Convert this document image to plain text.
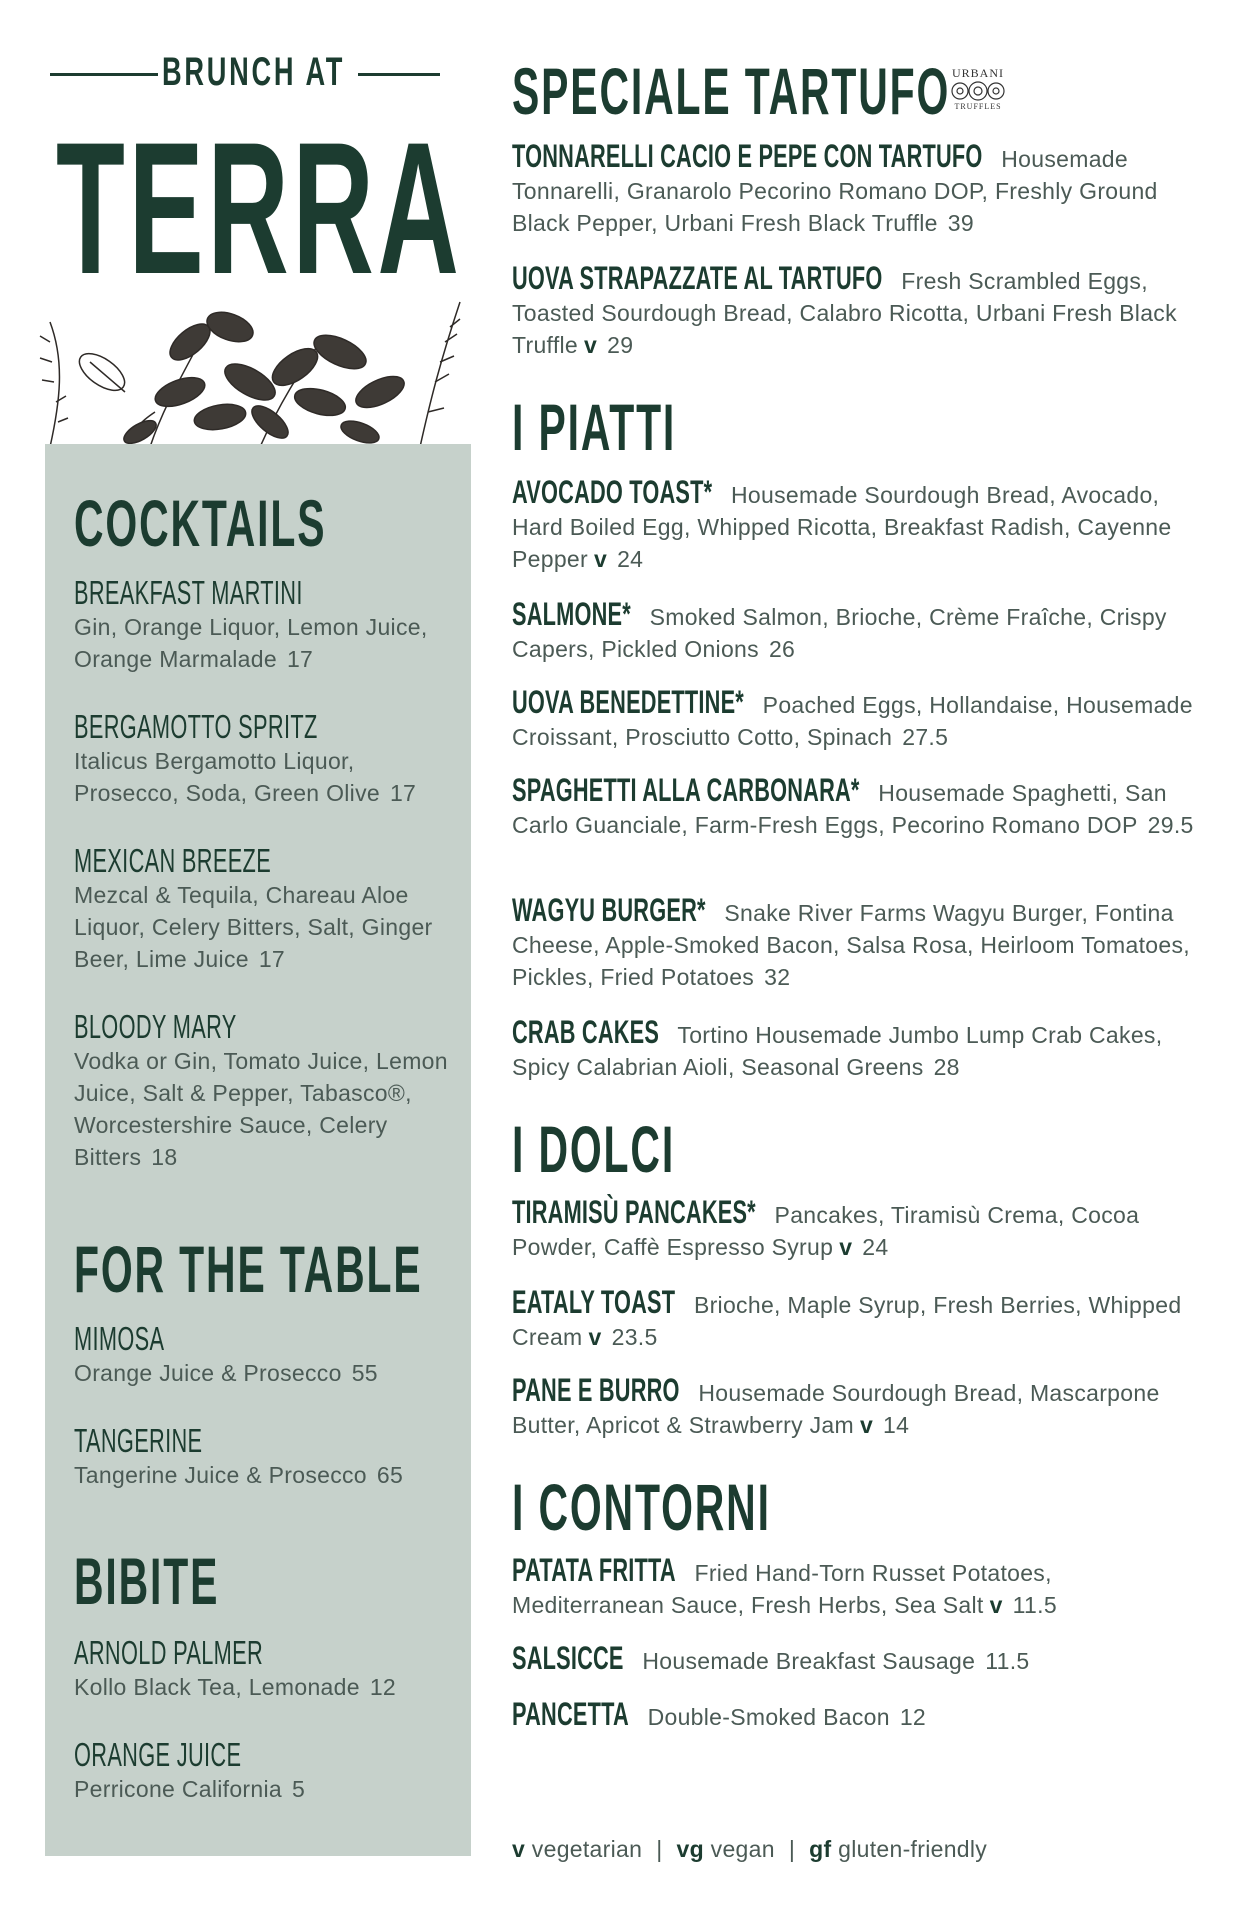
BRUNCH AT
TERRA
COCKTAILS
BREAKFAST MARTINI
Gin, Orange Liquor, Lemon Juice, Orange Marmalade 17
BERGAMOTTO SPRITZ
Italicus Bergamotto Liquor, Prosecco, Soda, Green Olive 17
MEXICAN BREEZE
Mezcal & Tequila, Chareau Aloe Liquor, Celery Bitters, Salt, Ginger Beer, Lime Juice 17
BLOODY MARY
Vodka or Gin, Tomato Juice, Lemon Juice, Salt & Pepper, Tabasco®, Worcestershire Sauce, Celery Bitters 18
FOR THE TABLE
MIMOSA
Orange Juice & Prosecco 55
TANGERINE
Tangerine Juice & Prosecco 65
BIBITE
ARNOLD PALMER
Kollo Black Tea, Lemonade 12
ORANGE JUICE
Perricone California 5
URBANI
TRUFFLES
SPECIALE TARTUFO
TONNARELLI CACIO E PEPE CON TARTUFO Housemade Tonnarelli, Granarolo Pecorino Romano DOP, Freshly Ground Black Pepper, Urbani Fresh Black Truffle 39
UOVA STRAPAZZATE AL TARTUFO Fresh Scrambled Eggs, Toasted Sourdough Bread, Calabro Ricotta, Urbani Fresh Black Truffle v 29
I PIATTI
AVOCADO TOAST* Housemade Sourdough Bread, Avocado, Hard Boiled Egg, Whipped Ricotta, Breakfast Radish, Cayenne Pepper v 24
SALMONE* Smoked Salmon, Brioche, Crème Fraîche, Crispy Capers, Pickled Onions 26
UOVA BENEDETTINE* Poached Eggs, Hollandaise, Housemade Croissant, Prosciutto Cotto, Spinach 27.5
SPAGHETTI ALLA CARBONARA* Housemade Spaghetti, San Carlo Guanciale, Farm-Fresh Eggs, Pecorino Romano DOP 29.5
WAGYU BURGER* Snake River Farms Wagyu Burger, Fontina Cheese, Apple-Smoked Bacon, Salsa Rosa, Heirloom Tomatoes, Pickles, Fried Potatoes 32
CRAB CAKES Tortino Housemade Jumbo Lump Crab Cakes, Spicy Calabrian Aioli, Seasonal Greens 28
I DOLCI
TIRAMISÙ PANCAKES* Pancakes, Tiramisù Crema, Cocoa Powder, Caffè Espresso Syrup v 24
EATALY TOAST Brioche, Maple Syrup, Fresh Berries, Whipped Cream v 23.5
PANE E BURRO Housemade Sourdough Bread, Mascarpone Butter, Apricot & Strawberry Jam v 14
I CONTORNI
PATATA FRITTA Fried Hand-Torn Russet Potatoes, Mediterranean Sauce, Fresh Herbs, Sea Salt v 11.5
SALSICCE Housemade Breakfast Sausage 11.5
PANCETTA Double-Smoked Bacon 12
v vegetarian | vg vegan | gf gluten-friendly
